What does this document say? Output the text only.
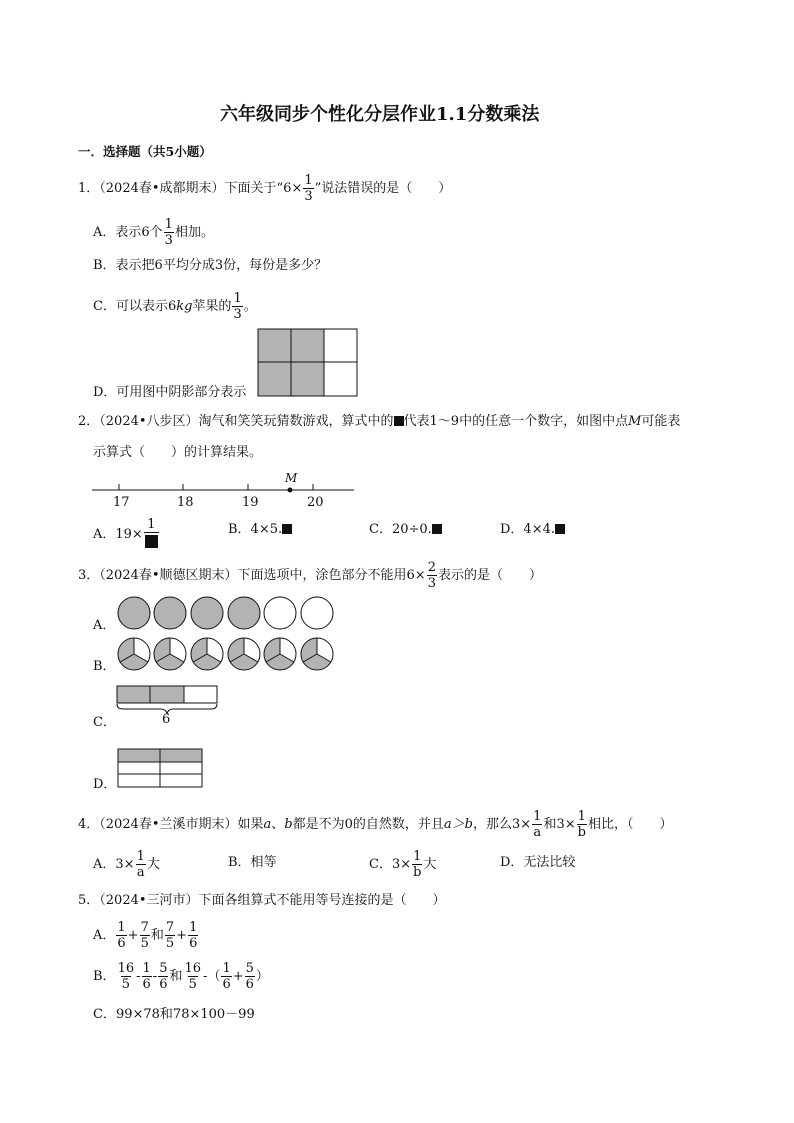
六年级同步个性化分层作业1.1分数乘法
一．选择题（共5小题）
1．（2024春•成都期末）下面关于“$6\times \frac{1}{3}$ ”说法错误的是（　　）
A．表示6个 $\frac{1}{3}$ 相加。
B．表示把6平均分成3份，每份是多少？
C．可以表示6kg苹果的 $\frac{1}{3}$ 。
D．可用图中阴影部分表示
2．（2024•八步区）淘气和笑笑玩猜数游戏，算式中的 代表1～9中的任意一个数字，如图中点M可能表
示算式（　　）的计算结果。
M
17	18	19	20
A．19×
1	B．4×5.	C．20÷0.	D．4×4.
3．（2024春•顺德区期末）下面选项中，涂色部分不能用$6\times \frac{2}{3}$ 表示的是（　　）
A．
B．
C．	6
D．
4．（2024春•兰溪市期末）如果a、b都是不为0的自然数，并且a＞b，那么$3\times \frac{1}{a}$ 和$3\times \frac{1}{b}$ 相比，（　　）
A．$3\times \frac{1}{a}$ 大	B．相等	C．$3\times \frac{1}{b}$ 大	D．无法比较
5．（2024•三河市）下面各组算式不能用等号连接的是（　　）
A． $\frac{1}{6} + \frac{7}{5}$ 和 $\frac{7}{5} + \frac{1}{6}$
B． $\frac{16}{5} - \frac{1}{6} - \frac{5}{6}$ 和 $\frac{16}{5}$ -（ $\frac{1}{6} + \frac{5}{6}$ ）
C．99×78和78×100－99
